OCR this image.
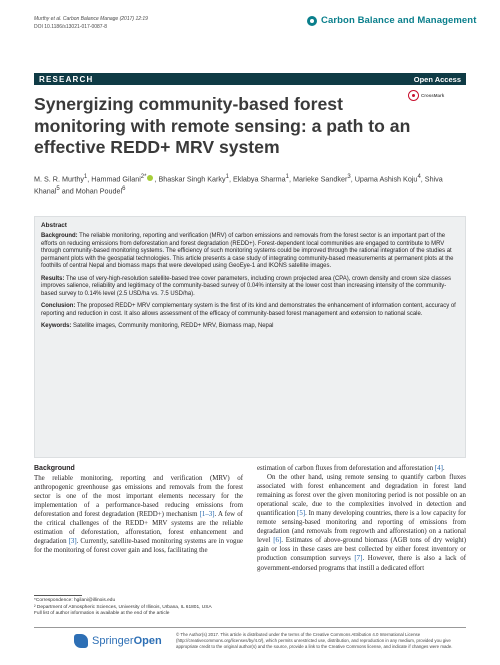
Murthy et al. Carbon Balance Manage (2017) 12:19
DOI 10.1186/s13021-017-0087-8
Carbon Balance and Management
RESEARCH	Open Access
CrossMark
Synergizing community-based forest monitoring with remote sensing: a path to an effective REDD+ MRV system
M. S. R. Murthy$^1$, Hammad Gilani$^{2*}$ , Bhaskar Singh Karky$^1$, Eklabya Sharma$^1$, Marieke Sandker$^3$, Upama Ashish Koju$^4$, Shiva Khanal$^5$ and Mohan Poudel$^6$
Abstract

Background: The reliable monitoring, reporting and verification (MRV) of carbon emissions and removals from the forest sector is an important part of the efforts on reducing emissions from deforestation and forest degradation (REDD+). Forest-dependent local communities are engaged to contribute to MRV through community-based monitoring systems. The efficiency of such monitoring systems could be improved through the rational integration of the studies at permanent plots with the geospatial technologies. This article presents a case study of integrating community-based measurements at permanent plots at the foothills of central Nepal and biomass maps that were developed using GeoEye-1 and IKONS satellite images.

Results: The use of very-high-resolution satellite-based tree cover parameters, including crown projected area (CPA), crown density and crown size classes improves salience, reliability and legitimacy of the community-based survey of 0.04% intensity at the lower cost than increasing intensity of the community-based survey to 0.14% level (2.5 USD/ha vs. 7.5 USD/ha).

Conclusion: The proposed REDD+ MRV complementary system is the first of its kind and demonstrates the enhancement of information content, accuracy of reporting and reduction in cost. It also allows assessment of the efficacy of community-based forest management and extension to national scale.

Keywords: Satellite images, Community monitoring, REDD+ MRV, Biomass map, Nepal

Background

The reliable monitoring, reporting and verification (MRV) of anthropogenic greenhouse gas emissions and removals from the forest sector is one of the most important elements necessary for the implementation of a performance-based reducing emissions from deforestation and forest degradation (REDD+) mechanism [1–3]. A few of the critical challenges of the REDD+ MRV systems are the reliable estimation of deforestation, afforestation, forest enhancement and degradation [3]. Currently, satellite-based monitoring systems are in vogue for the monitoring of forest cover gain and loss, facilitating the

estimation of carbon fluxes from deforestation and afforestation [4].

On the other hand, using remote sensing to quantify carbon fluxes associated with forest enhancement and degradation in forest land remaining as forest over the given monitoring period is not possible on an operational scale, due to the complexities involved in detection and quantification [5]. In many developing countries, there is a low capacity for remote sensing-based monitoring and reporting of emissions from degradation (and removals from regrowth and afforestation) on a national level [6]. Estimates of above-ground biomass (AGB tons of dry weight) gain or loss in these cases are best collected by either forest inventory or production consumption surveys [7]. However, there is also a lack of government-endorsed programs that instill a dedicated effort

*Correspondence: hgilani@illinois.edu
² Department of Atmospheric Sciences, University of Illinois, Urbana, IL 61801, USA
Full list of author information is available at the end of the article
SpringerOpen
© The Author(s) 2017. This article is distributed under the terms of the Creative Commons Attribution 4.0 International License (http://creativecommons.org/licenses/by/4.0/), which permits unrestricted use, distribution, and reproduction in any medium, provided you give appropriate credit to the original author(s) and the source, provide a link to the Creative Commons license, and indicate if changes were made.
